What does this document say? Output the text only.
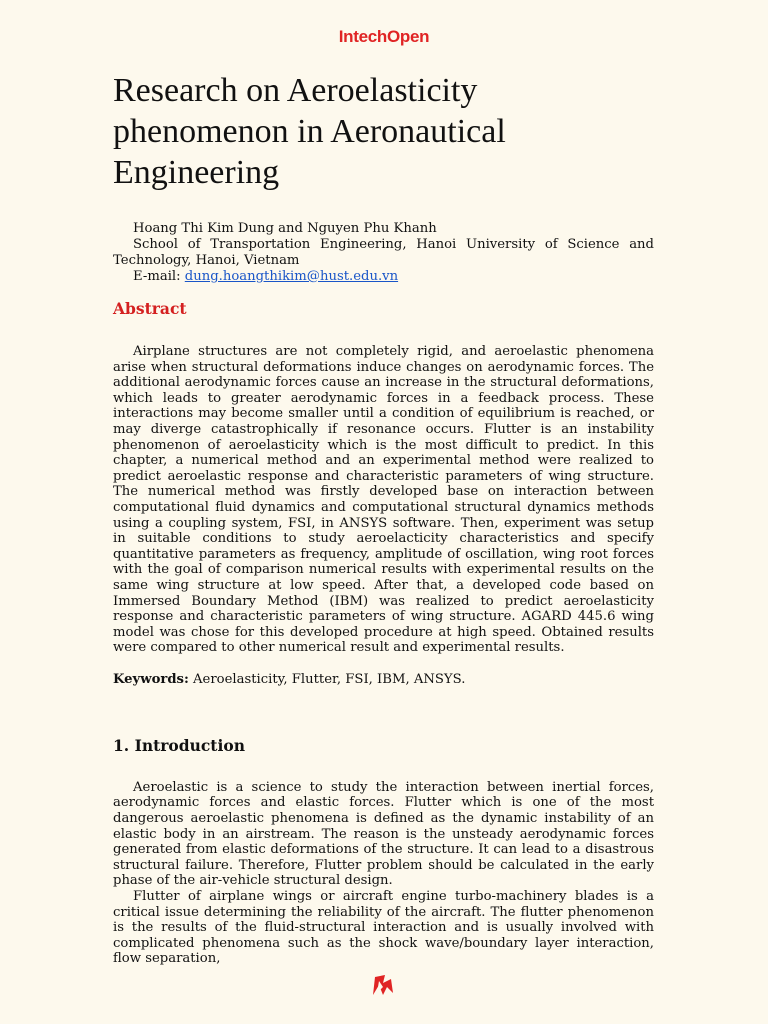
IntechOpen
Research on Aeroelasticity phenomenon in Aeronautical Engineering

Hoang Thi Kim Dung and Nguyen Phu Khanh

School of Transportation Engineering, Hanoi University of Science and Technology, Hanoi, Vietnam

E-mail: dung.hoangthikim@hust.edu.vn

Abstract

Airplane structures are not completely rigid, and aeroelastic phenomena arise when structural deformations induce changes on aerodynamic forces. The additional aerodynamic forces cause an increase in the structural deformations, which leads to greater aerodynamic forces in a feedback process. These interactions may become smaller until a condition of equilibrium is reached, or may diverge catastrophically if resonance occurs. Flutter is an instability phenomenon of aeroelasticity which is the most difficult to predict. In this chapter, a numerical method and an experimental method were realized to predict aeroelastic response and characteristic parameters of wing structure. The numerical method was firstly developed base on interaction between computational fluid dynamics and computational structural dynamics methods using a coupling system, FSI, in ANSYS software. Then, experiment was setup in suitable conditions to study aeroelacticity characteristics and specify quantitative parameters as frequency, amplitude of oscillation, wing root forces with the goal of comparison numerical results with experimental results on the same wing structure at low speed. After that, a developed code based on Immersed Boundary Method (IBM) was realized to predict aeroelasticity response and characteristic parameters of wing structure. AGARD 445.6 wing model was chose for this developed procedure at high speed. Obtained results were compared to other numerical result and experimental results.

Keywords: Aeroelasticity, Flutter, FSI, IBM, ANSYS.
1. Introduction

Aeroelastic is a science to study the interaction between inertial forces, aerodynamic forces and elastic forces. Flutter which is one of the most dangerous aeroelastic phenomena is defined as the dynamic instability of an elastic body in an airstream. The reason is the unsteady aerodynamic forces generated from elastic deformations of the structure. It can lead to a disastrous structural failure. Therefore, Flutter problem should be calculated in the early phase of the air-vehicle structural design.

Flutter of airplane wings or aircraft engine turbo-machinery blades is a critical issue determining the reliability of the aircraft. The flutter phenomenon is the results of the fluid-structural interaction and is usually involved with complicated phenomena such as the shock wave/boundary layer interaction, flow separation,
